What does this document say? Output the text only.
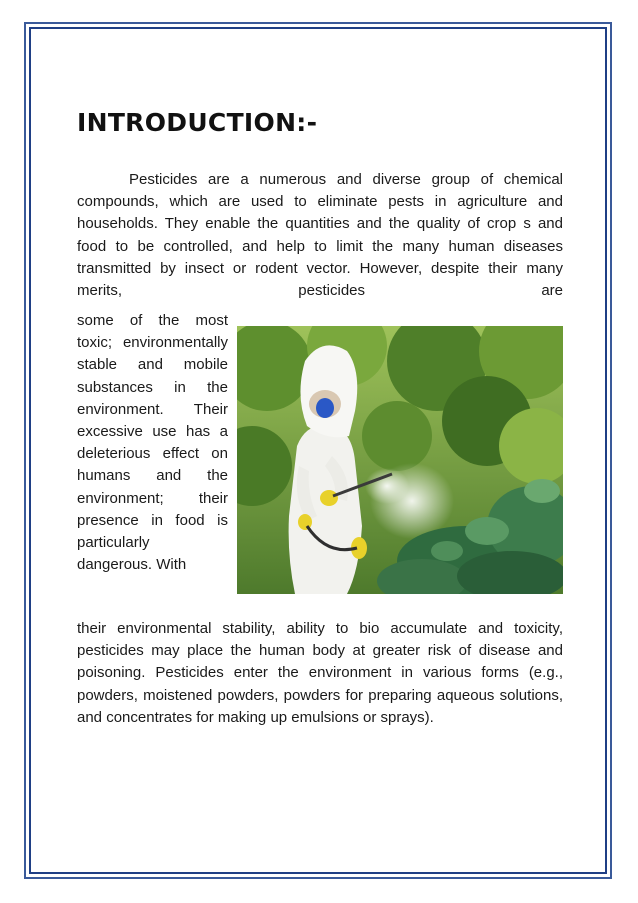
INTRODUCTION:-
Pesticides are a numerous and diverse group of chemical compounds, which are used to eliminate pests in agriculture and households. They enable the quantities and the quality of crop s and food to be controlled, and help to limit the many human diseases transmitted by insect or rodent vector. However, despite their many merits, pesticides are
some of the most toxic; environmentally stable and mobile substances in the environment. Their excessive use has a deleterious effect on humans and the environment; their presence in food is particularly dangerous. With
their environmental stability, ability to bio accumulate and toxicity, pesticides may place the human body at greater risk of disease and poisoning. Pesticides enter the environment in various forms (e.g., powders, moistened powders, powders for preparing aqueous solutions, and concentrates for making up emulsions or sprays).
